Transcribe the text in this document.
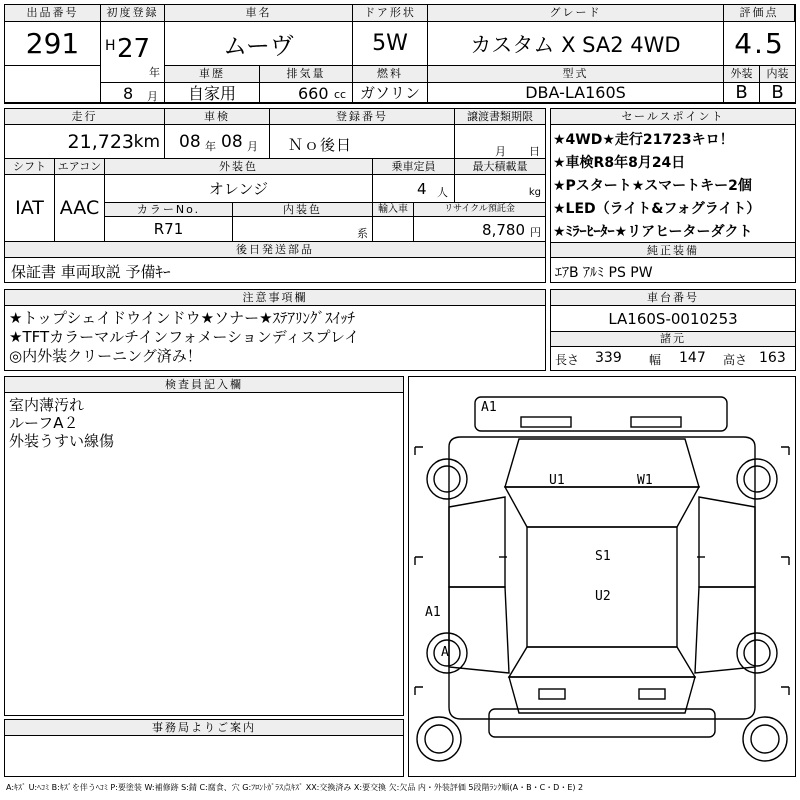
出品番号
291
初度登録
H 27
年
8 月
車名
ムーヴ
ドア形状
5W
グレード
カスタム X SA2 4WD
評価点
4.5
車歴
自家用
排気量
660 cc
燃料
ガソリン
型式
DBA-LA160S
外装	内装
B	B
走行
21,723 km
車検
08 年 08 月
登録番号
Ｎｏ後日
譲渡書類期限
月 日
シフト
IAT
エアコン
AAC
外装色
オレンジ
乗車定員
4 人
最大積載量
kg
カラーNo.
R71
内装色
系
輸入車	リサイクル預託金
8,780 円
後日発送部品
保証書 車両取説 予備ｷｰ
セールスポイント
★4WD★走行21723キロ！
★車検R8年8月24日
★Pスタート★スマートキー2個
★LED（ライト&フォグライト）
★ﾐﾗｰﾋｰﾀｰ★リアヒーターダクト
純正装備
ｴｱB ｱﾙﾐ PS PW
注意事項欄
★トップシェイドウインドウ★ソナー★ｽﾃｱﾘﾝｸﾞｽｲｯﾁ
★TFTカラーマルチインフォメーションディスプレイ
◎内外装クリーニング済み！
車台番号
LA160S-0010253
諸元
長さ 339 幅 147 高さ 163
検査員記入欄
室内薄汚れ
ルーフA２
外装うすい線傷
事務局よりご案内
A1
U1	W1
S1
U2
A1
A
A:ｷｽﾞ U:ﾍｺﾐ B:ｷｽﾞを伴うﾍｺﾐ P:要塗装 W:補修跡 S:錆 C:腐食、穴 G:ﾌﾛﾝﾄｶﾞﾗｽ点ｷｽﾞ XX:交換済み X:要交換 欠:欠品 内・外装評価 5段階ﾗﾝｸ順(A・B・C・D・E) 2
